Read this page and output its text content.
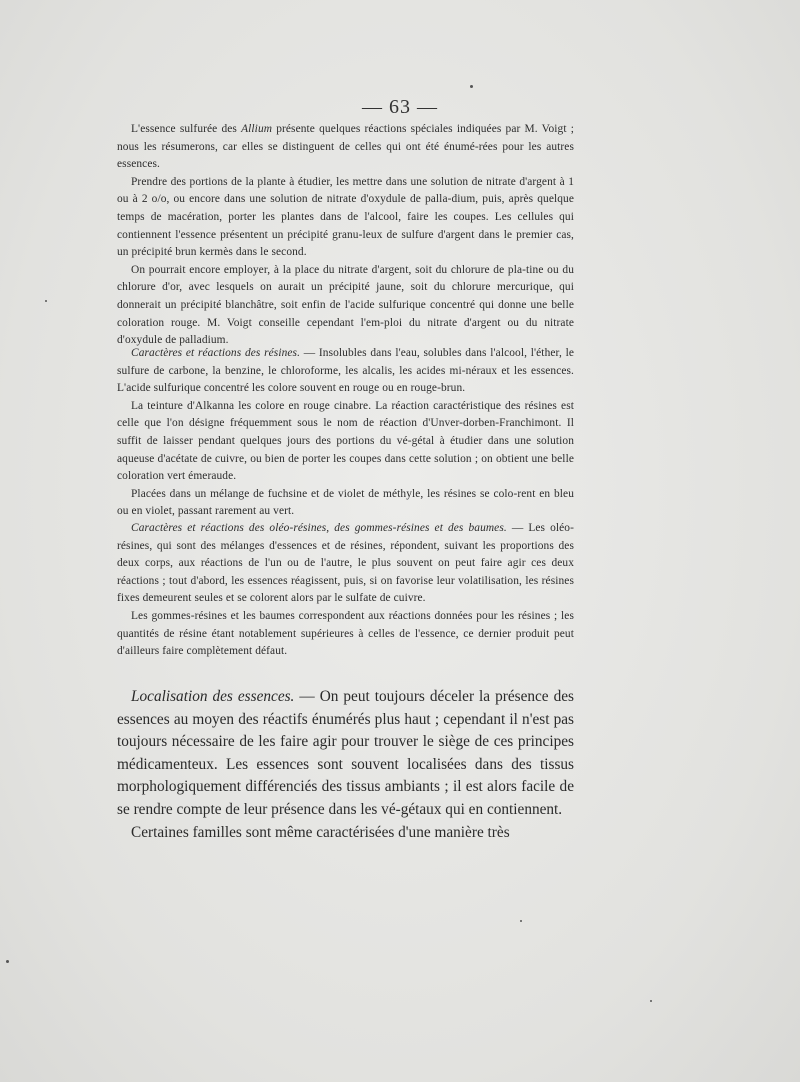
— 63 —

L'essence sulfurée des Allium présente quelques réactions spéciales indiquées par M. Voigt ; nous les résumerons, car elles se distinguent de celles qui ont été énumé-rées pour les autres essences.

Prendre des portions de la plante à étudier, les mettre dans une solution de nitrate d'argent à 1 ou à 2 o/o, ou encore dans une solution de nitrate d'oxydule de palla-dium, puis, après quelque temps de macération, porter les plantes dans de l'alcool, faire les coupes. Les cellules qui contiennent l'essence présentent un précipité granu-leux de sulfure d'argent dans le premier cas, un précipité brun kermès dans le second.

On pourrait encore employer, à la place du nitrate d'argent, soit du chlorure de pla-tine ou du chlorure d'or, avec lesquels on aurait un précipité jaune, soit du chlorure mercurique, qui donnerait un précipité blanchâtre, soit enfin de l'acide sulfurique concentré qui donne une belle coloration rouge. M. Voigt conseille cependant l'em-ploi du nitrate d'argent ou du nitrate d'oxydule de palladium.

Caractères et réactions des résines. — Insolubles dans l'eau, solubles dans l'alcool, l'éther, le sulfure de carbone, la benzine, le chloroforme, les alcalis, les acides mi-néraux et les essences. L'acide sulfurique concentré les colore souvent en rouge ou en rouge-brun.

La teinture d'Alkanna les colore en rouge cinabre. La réaction caractéristique des résines est celle que l'on désigne fréquemment sous le nom de réaction d'Unver-dorben-Franchimont. Il suffit de laisser pendant quelques jours des portions du vé-gétal à étudier dans une solution aqueuse d'acétate de cuivre, ou bien de porter les coupes dans cette solution ; on obtient une belle coloration vert émeraude.

Placées dans un mélange de fuchsine et de violet de méthyle, les résines se colo-rent en bleu ou en violet, passant rarement au vert.

Caractères et réactions des oléo-résines, des gommes-résines et des baumes. — Les oléo-résines, qui sont des mélanges d'essences et de résines, répondent, suivant les proportions des deux corps, aux réactions de l'un ou de l'autre, le plus souvent on peut faire agir ces deux réactions ; tout d'abord, les essences réagissent, puis, si on favorise leur volatilisation, les résines fixes demeurent seules et se colorent alors par le sulfate de cuivre.

Les gommes-résines et les baumes correspondent aux réactions données pour les résines ; les quantités de résine étant notablement supérieures à celles de l'essence, ce dernier produit peut d'ailleurs faire complètement défaut.

Localisation des essences. — On peut toujours déceler la présence des essences au moyen des réactifs énumérés plus haut ; cependant il n'est pas toujours nécessaire de les faire agir pour trouver le siège de ces principes médicamenteux. Les essences sont souvent localisées dans des tissus morphologiquement différenciés des tissus ambiants ; il est alors facile de se rendre compte de leur présence dans les vé-gétaux qui en contiennent.

Certaines familles sont même caractérisées d'une manière très
